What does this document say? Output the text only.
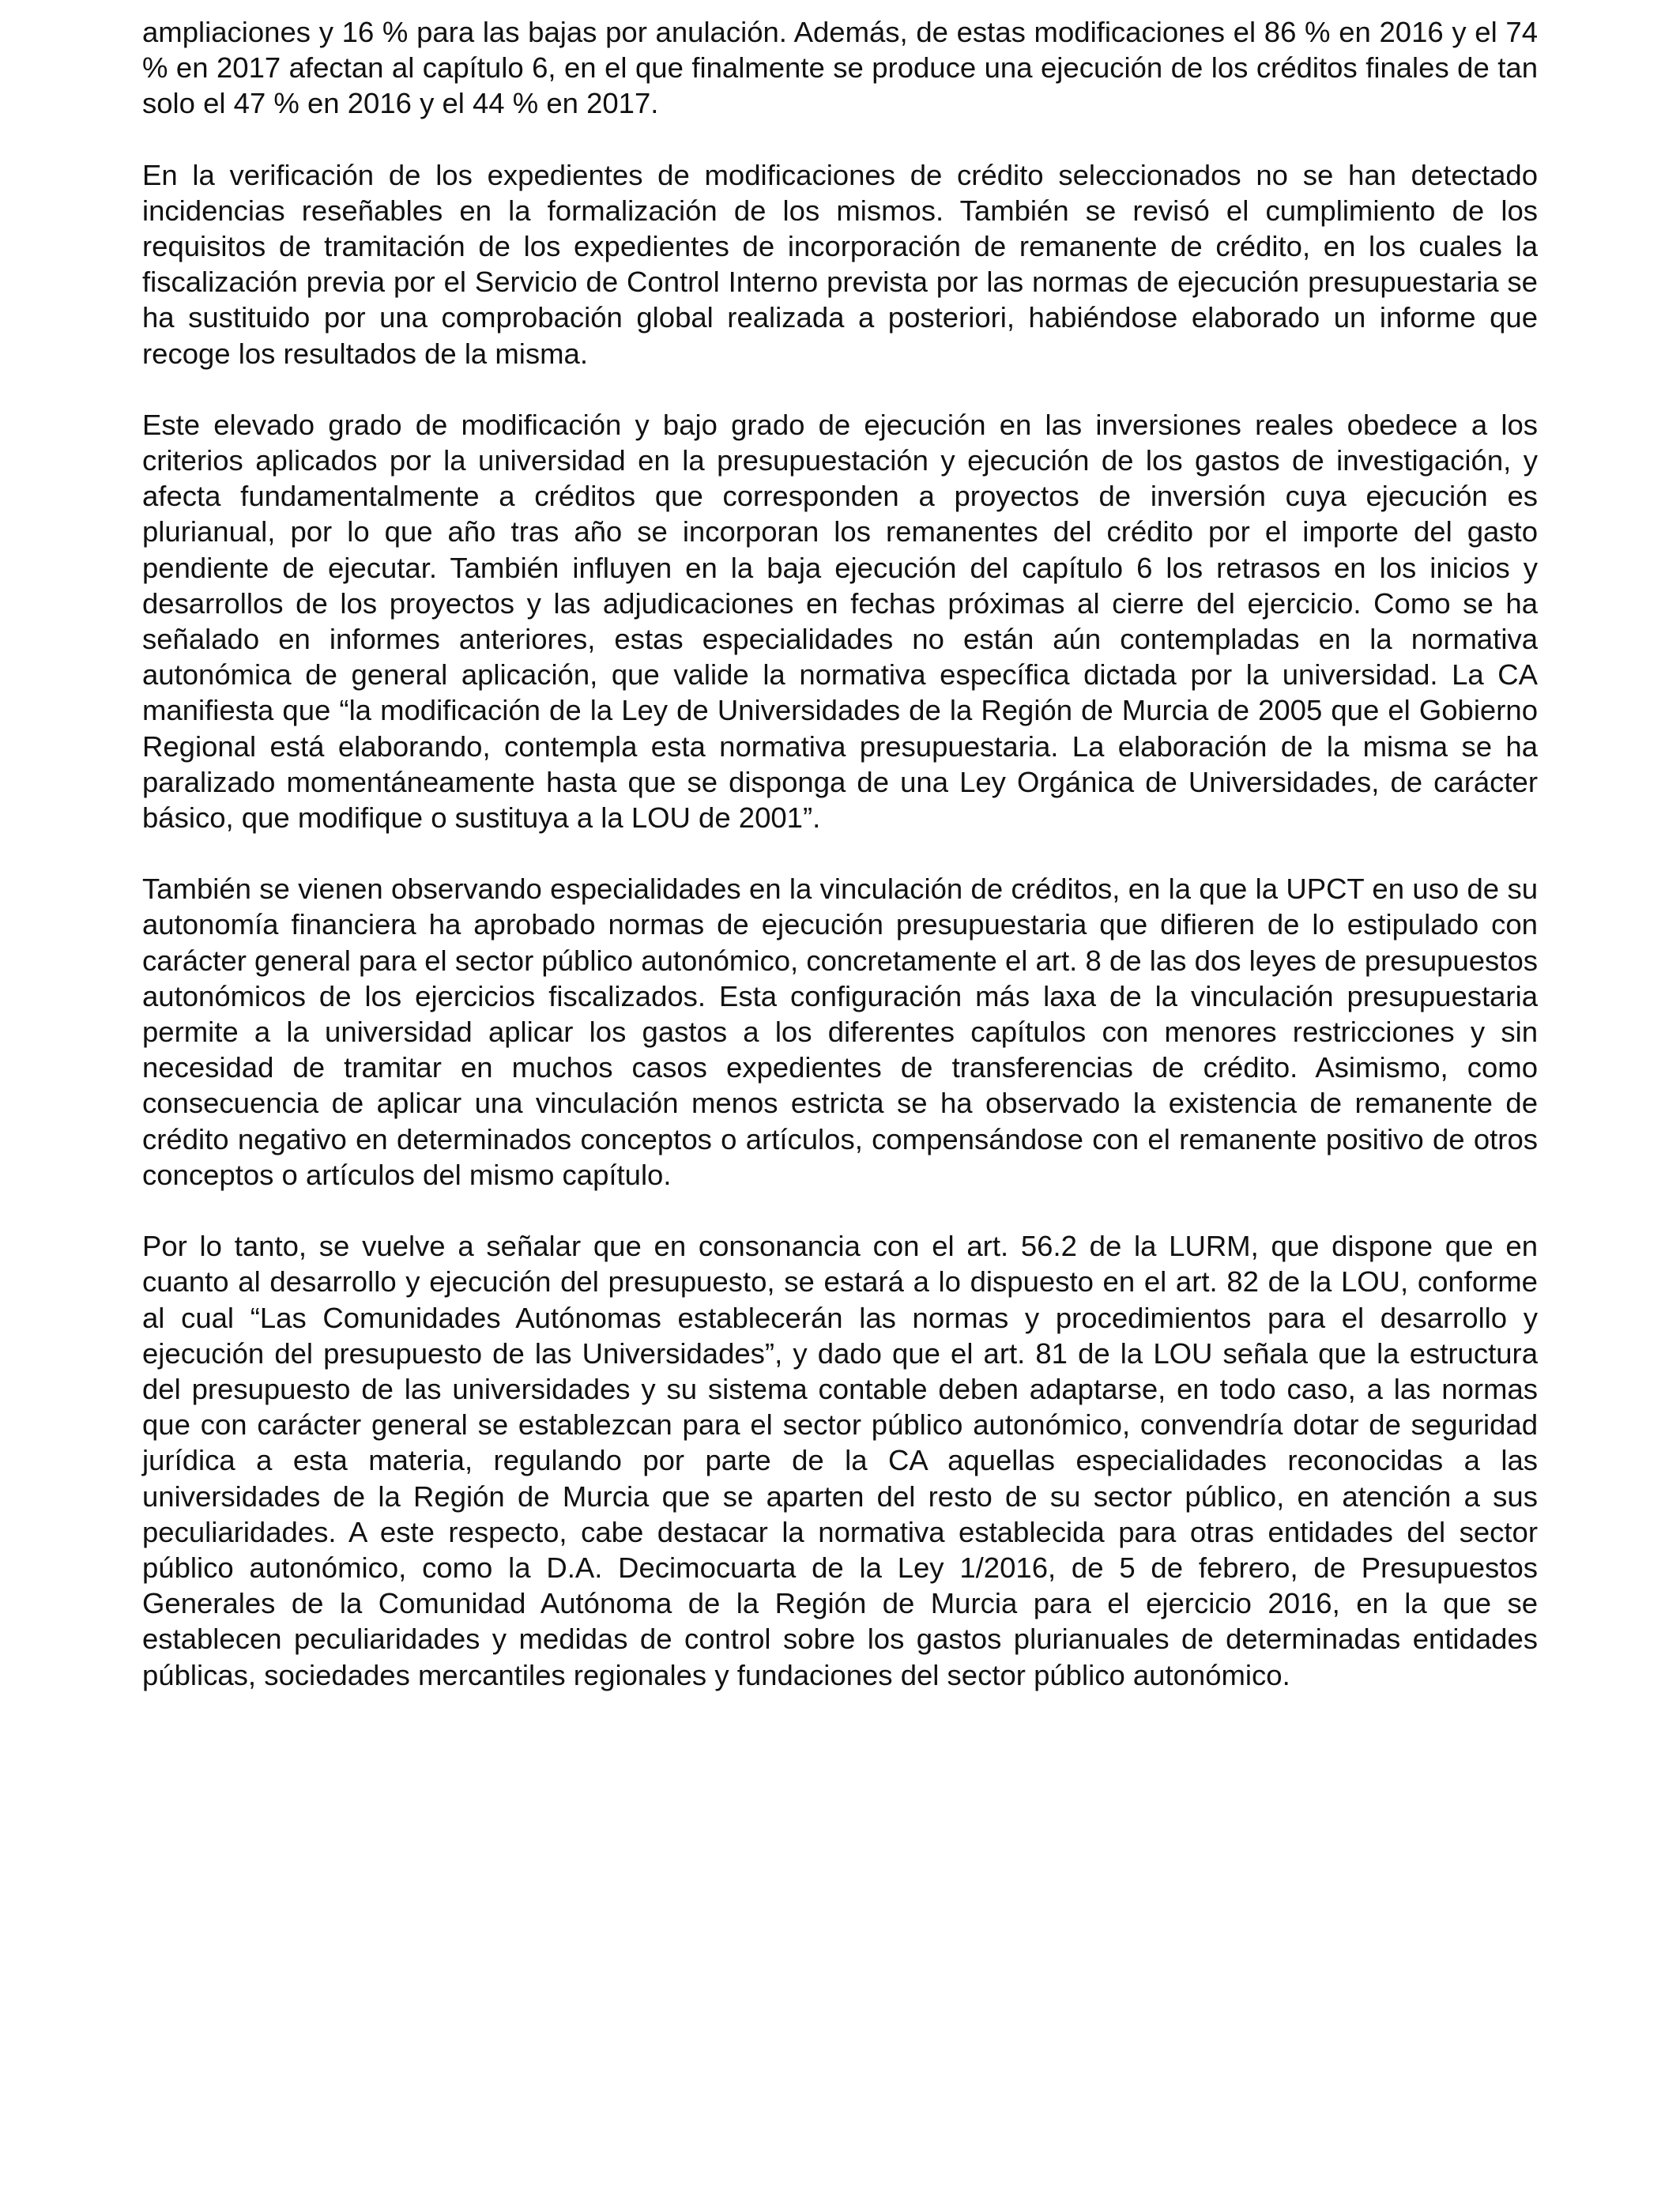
ampliaciones y 16 % para las bajas por anulación. Además, de estas modificaciones el 86 % en 2016 y el 74 % en 2017 afectan al capítulo 6, en el que finalmente se produce una ejecución de los créditos finales de tan solo el 47 % en 2016 y el 44 % en 2017.

En la verificación de los expedientes de modificaciones de crédito seleccionados no se han detectado incidencias reseñables en la formalización de los mismos. También se revisó el cumplimiento de los requisitos de tramitación de los expedientes de incorporación de remanente de crédito, en los cuales la fiscalización previa por el Servicio de Control Interno prevista por las normas de ejecución presupuestaria se ha sustituido por una comprobación global realizada a posteriori, habiéndose elaborado un informe que recoge los resultados de la misma.

Este elevado grado de modificación y bajo grado de ejecución en las inversiones reales obedece a los criterios aplicados por la universidad en la presupuestación y ejecución de los gastos de investigación, y afecta fundamentalmente a créditos que corresponden a proyectos de inversión cuya ejecución es plurianual, por lo que año tras año se incorporan los remanentes del crédito por el importe del gasto pendiente de ejecutar. También influyen en la baja ejecución del capítulo 6 los retrasos en los inicios y desarrollos de los proyectos y las adjudicaciones en fechas próximas al cierre del ejercicio. Como se ha señalado en informes anteriores, estas especialidades no están aún contempladas en la normativa autonómica de general aplicación, que valide la normativa específica dictada por la universidad. La CA manifiesta que “la modificación de la Ley de Universidades de la Región de Murcia de 2005 que el Gobierno Regional está elaborando, contempla esta normativa presupuestaria. La elaboración de la misma se ha paralizado momentáneamente hasta que se disponga de una Ley Orgánica de Universidades, de carácter básico, que modifique o sustituya a la LOU de 2001”.

También se vienen observando especialidades en la vinculación de créditos, en la que la UPCT en uso de su autonomía financiera ha aprobado normas de ejecución presupuestaria que difieren de lo estipulado con carácter general para el sector público autonómico, concretamente el art. 8 de las dos leyes de presupuestos autonómicos de los ejercicios fiscalizados. Esta configuración más laxa de la vinculación presupuestaria permite a la universidad aplicar los gastos a los diferentes capítulos con menores restricciones y sin necesidad de tramitar en muchos casos expedientes de transferencias de crédito. Asimismo, como consecuencia de aplicar una vinculación menos estricta se ha observado la existencia de remanente de crédito negativo en determinados conceptos o artículos, compensándose con el remanente positivo de otros conceptos o artículos del mismo capítulo.

Por lo tanto, se vuelve a señalar que en consonancia con el art. 56.2 de la LURM, que dispone que en cuanto al desarrollo y ejecución del presupuesto, se estará a lo dispuesto en el art. 82 de la LOU, conforme al cual “Las Comunidades Autónomas establecerán las normas y procedimientos para el desarrollo y ejecución del presupuesto de las Universidades”, y dado que el art. 81 de la LOU señala que la estructura del presupuesto de las universidades y su sistema contable deben adaptarse, en todo caso, a las normas que con carácter general se establezcan para el sector público autonómico, convendría dotar de seguridad jurídica a esta materia, regulando por parte de la CA aquellas especialidades reconocidas a las universidades de la Región de Murcia que se aparten del resto de su sector público, en atención a sus peculiaridades. A este respecto, cabe destacar la normativa establecida para otras entidades del sector público autonómico, como la D.A. Decimocuarta de la Ley 1/2016, de 5 de febrero, de Presupuestos Generales de la Comunidad Autónoma de la Región de Murcia para el ejercicio 2016, en la que se establecen peculiaridades y medidas de control sobre los gastos plurianuales de determinadas entidades públicas, sociedades mercantiles regionales y fundaciones del sector público autonómico.
